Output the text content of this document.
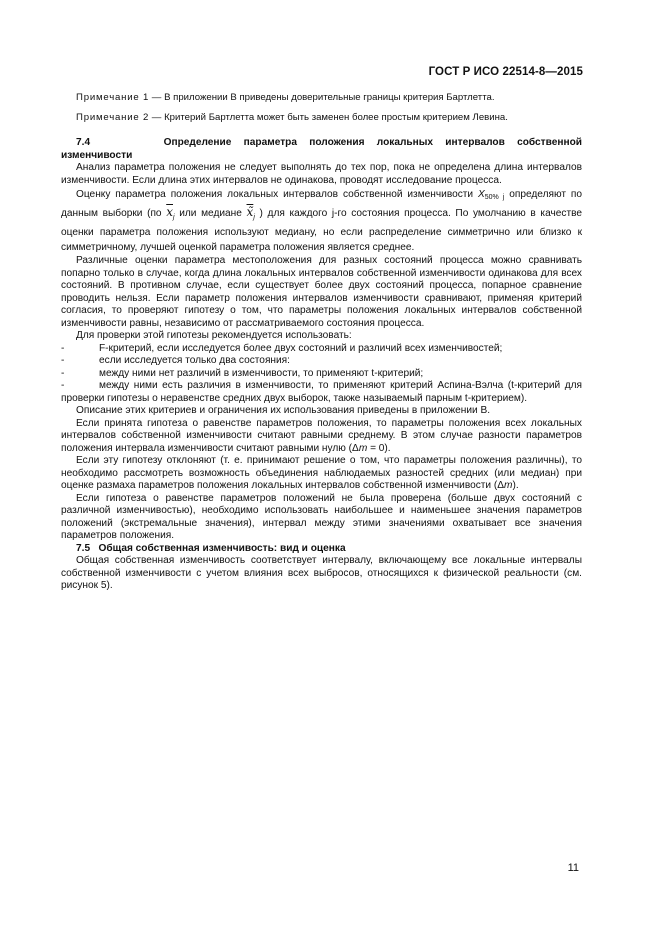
ГОСТ Р ИСО 22514-8—2015
Примечание 1 — В приложении В приведены доверительные границы критерия Бартлетта.
Примечание 2 — Критерий Бартлетта может быть заменен более простым критерием Левина.

7.4	Определение параметра положения локальных интервалов собственной

изменчивости

Анализ параметра положения не следует выполнять до тех пор, пока не определена длина интервалов изменчивости. Если длина этих интервалов не одинакова, проводят исследование процесса.

Оценку параметра положения локальных интервалов собственной изменчивости $X_{50\% j}$ определяют по данным выборки (по $\overline{x}_j$ или медиане $x̃_j$ ) для каждого j-го состояния процесса. По умолчанию в качестве оценки параметра положения используют медиану, но если распределение симметрично или близко к симметричному, лучшей оценкой параметра положения является среднее.

Различные оценки параметра местоположения для разных состояний процесса можно сравнивать попарно только в случае, когда длина локальных интервалов собственной изменчивости одинакова для всех состояний. В противном случае, если существует более двух состояний процесса, попарное сравнение проводить нельзя. Если параметр положения интервалов изменчивости сравнивают, применяя критерий согласия, то проверяют гипотезу о том, что параметры положения локальных интервалов собственной изменчивости равны, независимо от рассматриваемого состояния процесса.

Для проверки этой гипотезы рекомендуется использовать:

-	F-критерий, если исследуется более двух состояний и различий всех изменчивостей;

-	если исследуется только два состояния:

-	между ними нет различий в изменчивости, то применяют t-критерий;

-	между ними есть различия в изменчивости, то применяют критерий Аспина-Вэлча (t-критерий для проверки гипотезы о неравенстве средних двух выборок, также называемый парным t-критерием).

Описание этих критериев и ограничения их использования приведены в приложении В.

Если принята гипотеза о равенстве параметров положения, то параметры положения всех локальных интервалов собственной изменчивости считают равными среднему. В этом случае разности параметров положения интервала изменчивости считают равными нулю (Δm = 0).

Если эту гипотезу отклоняют (т. е. принимают решение о том, что параметры положения различны), то необходимо рассмотреть возможность объединения наблюдаемых разностей средних (или медиан) при оценке размаха параметров положения локальных интервалов собственной изменчивости (Δm).

Если гипотеза о равенстве параметров положений не была проверена (больше двух состояний с различной изменчивостью), необходимо использовать наибольшее и наименьшее значения параметров положений (экстремальные значения), интервал между этими значениями охватывает все значения параметров положения.

7.5 Общая собственная изменчивость: вид и оценка

Общая собственная изменчивость соответствует интервалу, включающему все локальные интервалы собственной изменчивости с учетом влияния всех выбросов, относящихся к физической реальности (см. рисунок 5).

11
